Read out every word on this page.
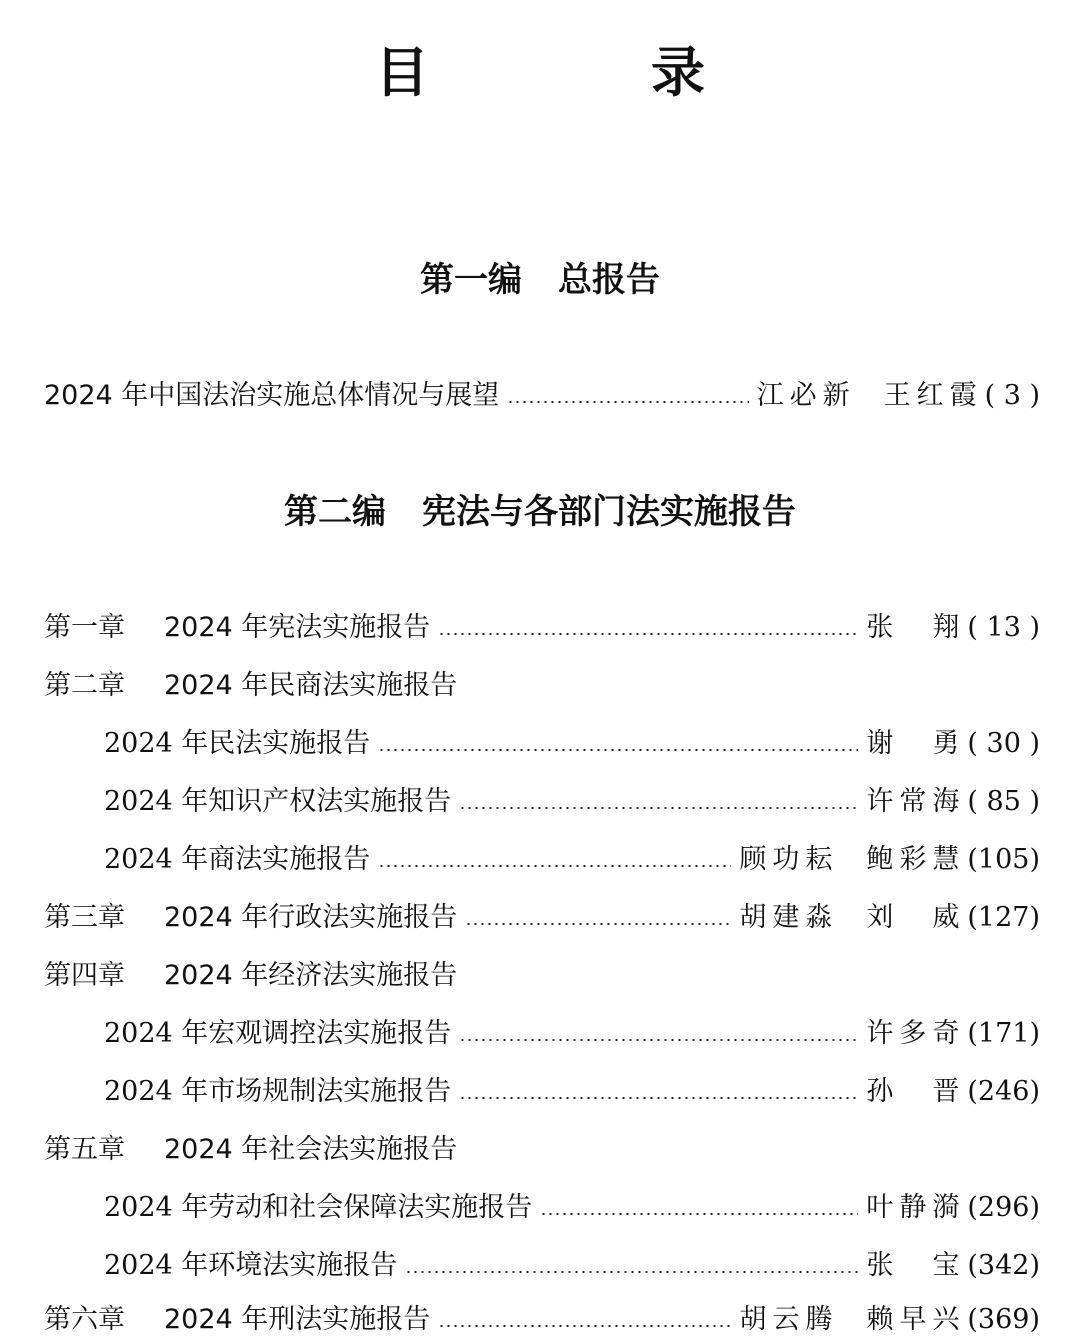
目　录
第一编 总报告
2024 年中国法治实施总体情况与展望	江必新 王红霞 ( 3 )
第二编 宪法与各部门法实施报告
第一章	2024 年宪法实施报告	张　翔 ( 13 )
第二章	2024 年民商法实施报告
2024 年民法实施报告	谢　勇 ( 30 )
2024 年知识产权法实施报告	许常海 ( 85 )
2024 年商法实施报告	顾功耘 鲍彩慧 (105)
第三章	2024 年行政法实施报告	胡建淼 刘　威 (127)
第四章	2024 年经济法实施报告
2024 年宏观调控法实施报告	许多奇 (171)
2024 年市场规制法实施报告	孙　晋 (246)
第五章	2024 年社会法实施报告
2024 年劳动和社会保障法实施报告	叶静漪 (296)
2024 年环境法实施报告	张　宝 (342)
第六章	2024 年刑法实施报告	胡云腾 赖早兴 (369)
